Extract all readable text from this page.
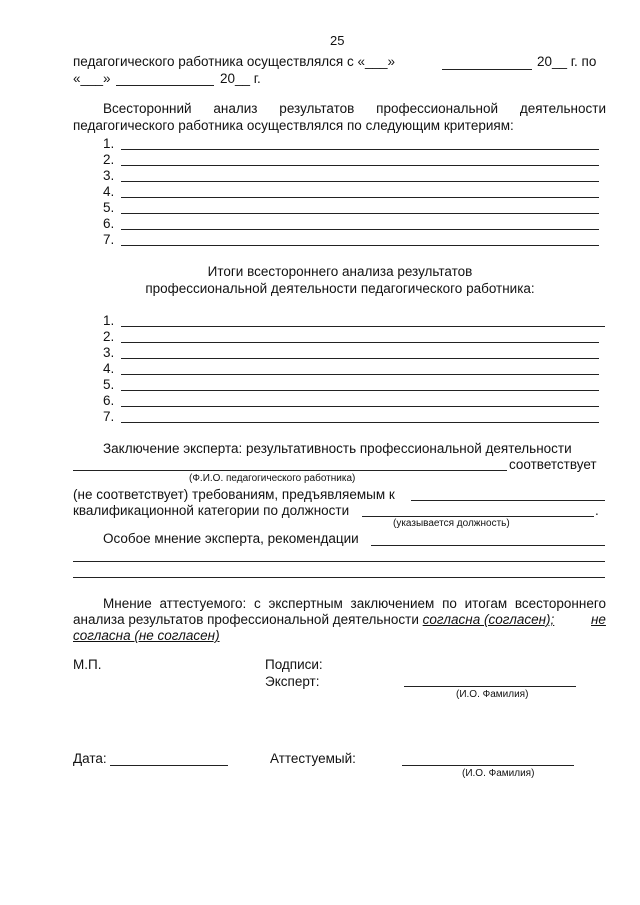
25
педагогического работника осуществлялся с «___»	20__ г. по
«___»	20__ г.
Всесторонний анализ результатов профессиональной деятельности
педагогического работника осуществлялся по следующим критериям:
1.
2.
3.
4.
5.
6.
7.
Итоги всестороннего анализа результатов
профессиональной деятельности педагогического работника:
1.
2.
3.
4.
5.
6.
7.
Заключение эксперта: результативность профессиональной деятельности
соответствует
(Ф.И.О. педагогического работника)
(не соответствует) требованиям, предъявляемым к
квалификационной категории по должности	.
(указывается должность)
Особое мнение эксперта, рекомендации
Мнение аттестуемого: с экспертным заключением по итогам всестороннего
анализа результатов профессиональной деятельности согласна (согласен);	не
согласна (не согласен)
М.П.	Подписи:
Эксперт:
(И.О. Фамилия)
Дата:	Аттестуемый:
(И.О. Фамилия)
